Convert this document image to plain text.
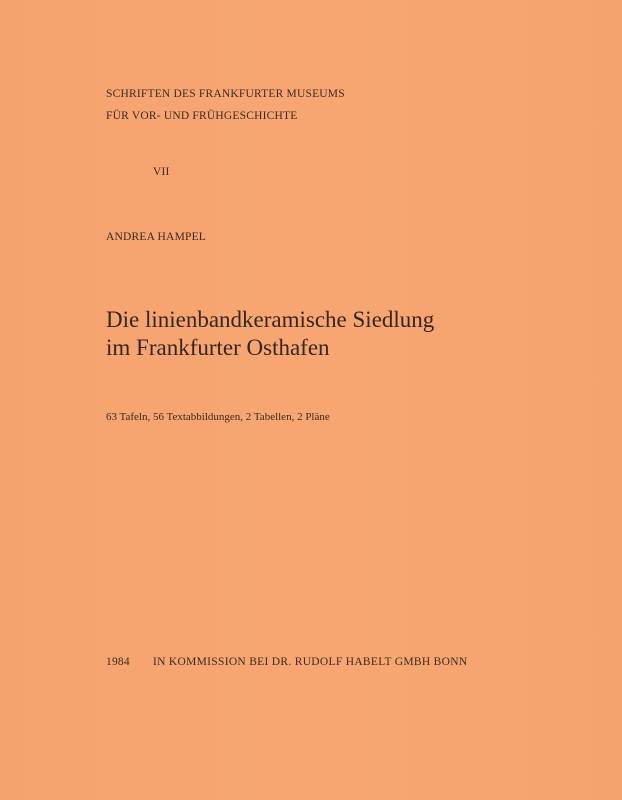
SCHRIFTEN DES FRANKFURTER MUSEUMS

FÜR VOR- UND FRÜHGESCHICHTE

VII

ANDREA HAMPEL

Die linienbandkeramische Siedlung

im Frankfurter Osthafen

63 Tafeln, 56 Textabbildungen, 2 Tabellen, 2 Pläne

1984 IN KOMMISSION BEI DR. RUDOLF HABELT GMBH BONN
